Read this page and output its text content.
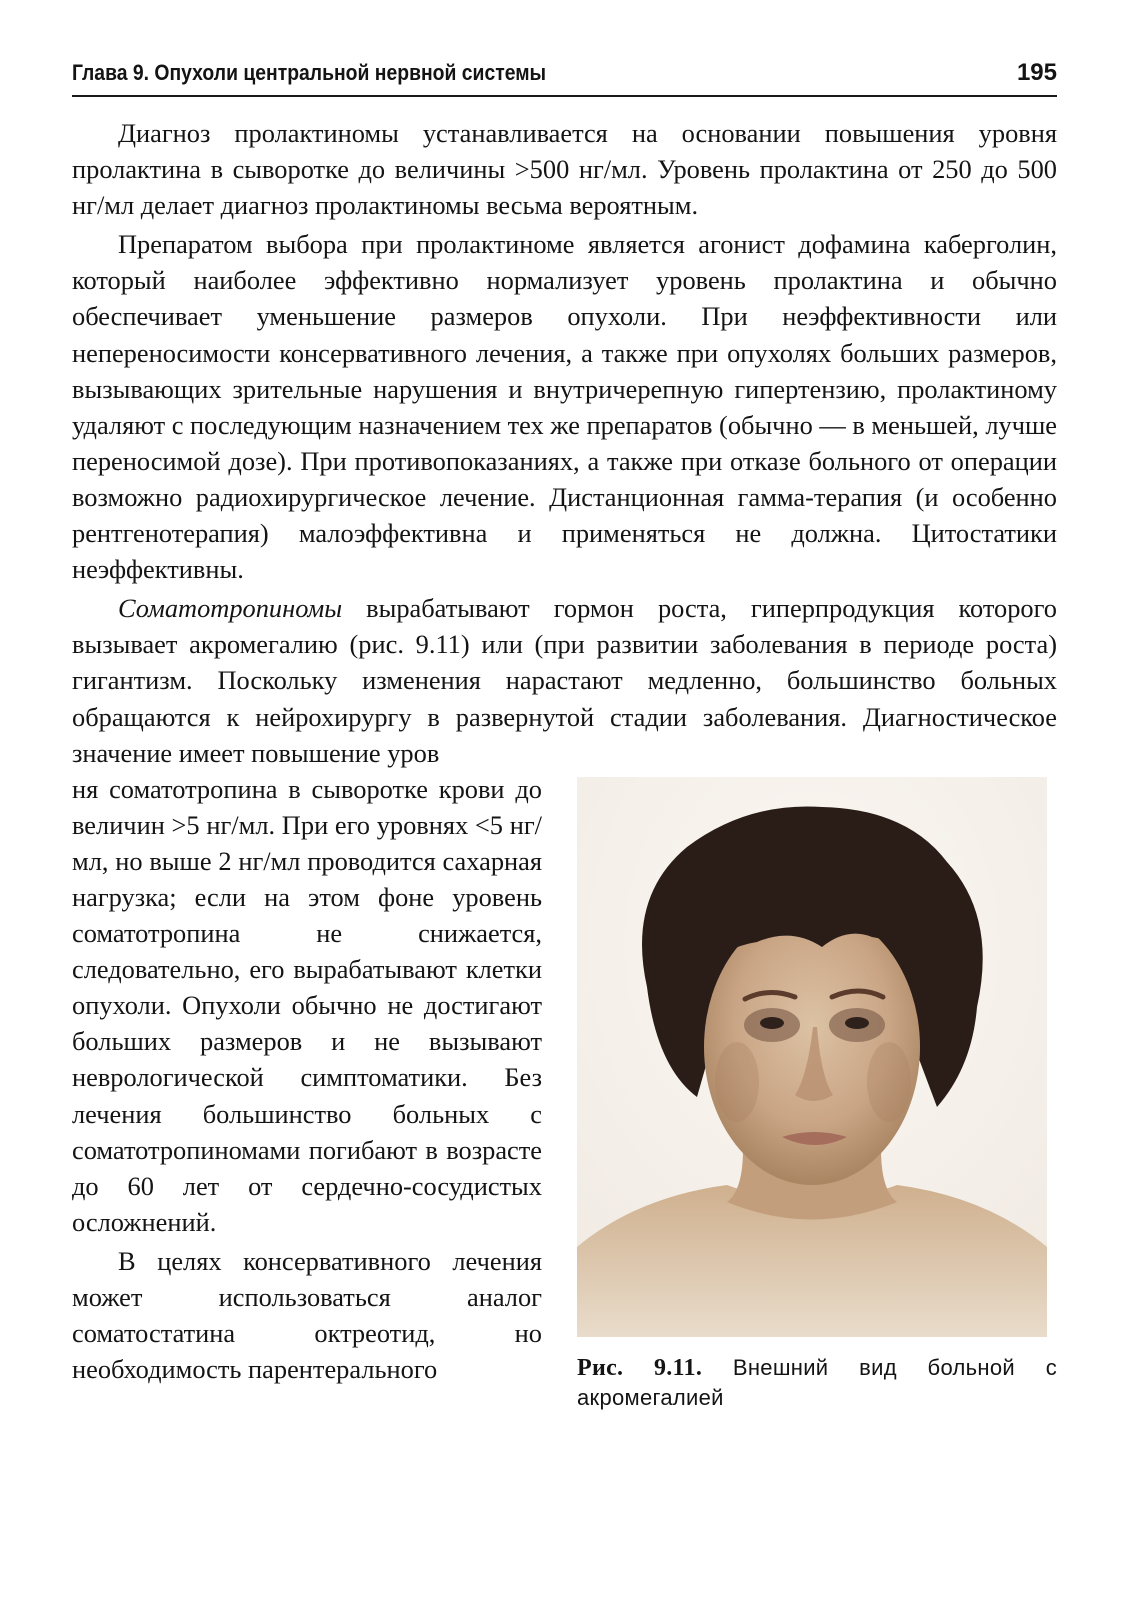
Глава 9. Опухоли центральной нервной системы	195

Диагноз пролактиномы устанавливается на основании повышения уровня пролактина в сыворотке до величины >500 нг/мл. Уровень пролактина от 250 до 500 нг/мл делает диагноз пролактиномы весьма вероятным.

Препаратом выбора при пролактиноме является агонист дофамина каберголин, который наиболее эффективно нормализует уровень пролактина и обычно обеспечивает уменьшение размеров опухоли. При неэффективности или непереносимости консервативного лечения, а также при опухолях больших размеров, вызывающих зрительные нарушения и внутричерепную гипертензию, пролактиному удаляют с последующим назначением тех же препаратов (обычно — в меньшей, лучше переносимой дозе). При противопоказаниях, а также при отказе больного от операции возможно радиохирургическое лечение. Дистанционная гамма-терапия (и особенно рентгенотерапия) малоэффективна и применяться не должна. Цитостатики неэффективны.

Соматотропиномы вырабатывают гормон роста, гиперпродукция которого вызывает акромегалию (рис. 9.11) или (при развитии заболевания в периоде роста) гигантизм. Поскольку изменения нарастают медленно, большинство больных обращаются к нейрохирургу в развернутой стадии заболевания. Диагностическое значение имеет повышение уров

ня соматотропина в сыворотке крови до величин >5 нг/мл. При его уровнях <5 нг/мл, но выше 2 нг/мл проводится сахарная нагрузка; если на этом фоне уровень соматотропина не снижается, следовательно, его вырабатывают клетки опухоли. Опухоли обычно не достигают больших размеров и не вызывают неврологической симптоматики. Без лечения большинство больных с соматотропиномами погибают в возрасте до 60 лет от сердечно-сосудистых осложнений.

В целях консервативного лечения может использоваться аналог соматостатина октреотид, но необходимость парентерального	Рис. 9.11. Внешний вид больной с акромегалией
